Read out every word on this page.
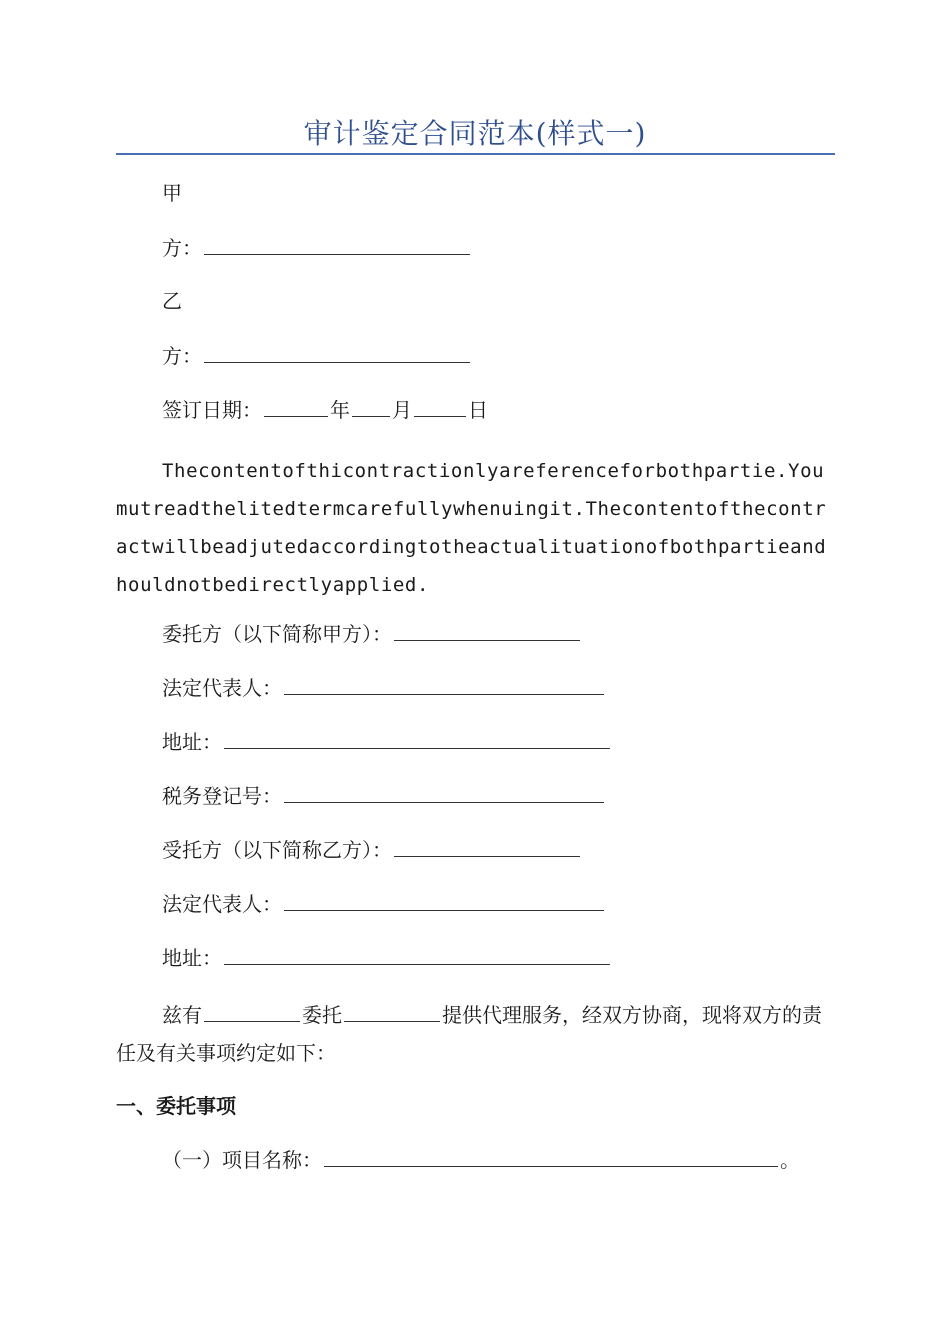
审计鉴定合同范本(样式一)
甲
方：
乙
方：
签订日期：	年 月	日
Thecontentofthicontractionlyareferenceforbothpartie.Youmutreadthelitedtermcarefullywhenuingit.Thecontentofthecontractwillbeadjutedaccordingtotheactualituationofbothpartieandhouldnotbedirectlyapplied.
委托方（以下简称甲方）：
法定代表人：
地址：
税务登记号：
受托方（以下简称乙方）：
法定代表人：
地址：
兹有	委托	提供代理服务，经双方协商，现将双方的责任及有关事项约定如下：
一、委托事项
（一）项目名称：	。
